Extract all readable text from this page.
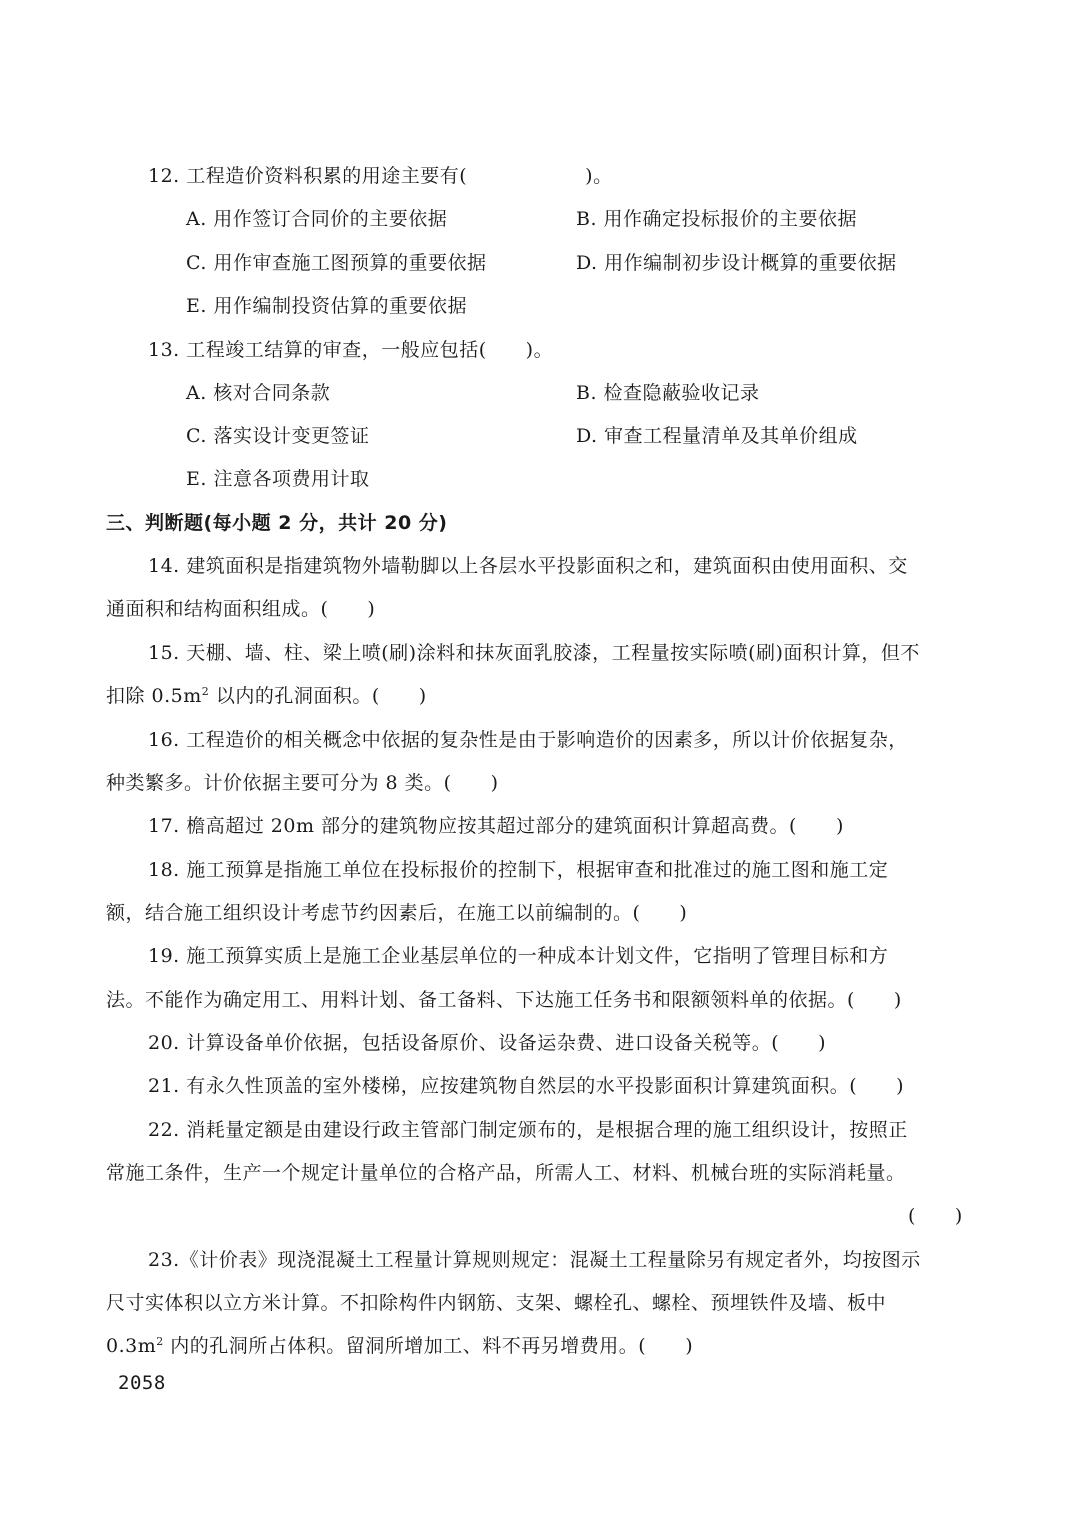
12. 工程造价资料积累的用途主要有(	)。
A. 用作签订合同价的主要依据	B. 用作确定投标报价的主要依据
C. 用作审查施工图预算的重要依据	D. 用作编制初步设计概算的重要依据
E. 用作编制投资估算的重要依据
13. 工程竣工结算的审查，一般应包括(　　)。
A. 核对合同条款	B. 检查隐蔽验收记录
C. 落实设计变更签证	D. 审查工程量清单及其单价组成
E. 注意各项费用计取
三、判断题(每小题 2 分，共计 20 分)
14. 建筑面积是指建筑物外墙勒脚以上各层水平投影面积之和，建筑面积由使用面积、交
通面积和结构面积组成。(　　)
15. 天棚、墙、柱、梁上喷(刷)涂料和抹灰面乳胶漆，工程量按实际喷(刷)面积计算，但不
扣除 $0.5m^2$ 以内的孔洞面积。(　　)
16. 工程造价的相关概念中依据的复杂性是由于影响造价的因素多，所以计价依据复杂，
种类繁多。计价依据主要可分为 8 类。(　　)
17. 檐高超过 20m 部分的建筑物应按其超过部分的建筑面积计算超高费。(　　)
18. 施工预算是指施工单位在投标报价的控制下，根据审查和批准过的施工图和施工定
额，结合施工组织设计考虑节约因素后，在施工以前编制的。(　　)
19. 施工预算实质上是施工企业基层单位的一种成本计划文件，它指明了管理目标和方
法。不能作为确定用工、用料计划、备工备料、下达施工任务书和限额领料单的依据。(　　)
20. 计算设备单价依据，包括设备原价、设备运杂费、进口设备关税等。(　　)
21. 有永久性顶盖的室外楼梯，应按建筑物自然层的水平投影面积计算建筑面积。(　　)
22. 消耗量定额是由建设行政主管部门制定颁布的，是根据合理的施工组织设计，按照正
常施工条件，生产一个规定计量单位的合格产品，所需人工、材料、机械台班的实际消耗量。
(　　)
23.《计价表》现浇混凝土工程量计算规则规定：混凝土工程量除另有规定者外，均按图示
尺寸实体积以立方米计算。不扣除构件内钢筋、支架、螺栓孔、螺栓、预埋铁件及墙、板中
$0.3m^2$ 内的孔洞所占体积。留洞所增加工、料不再另增费用。(　　)
2058
